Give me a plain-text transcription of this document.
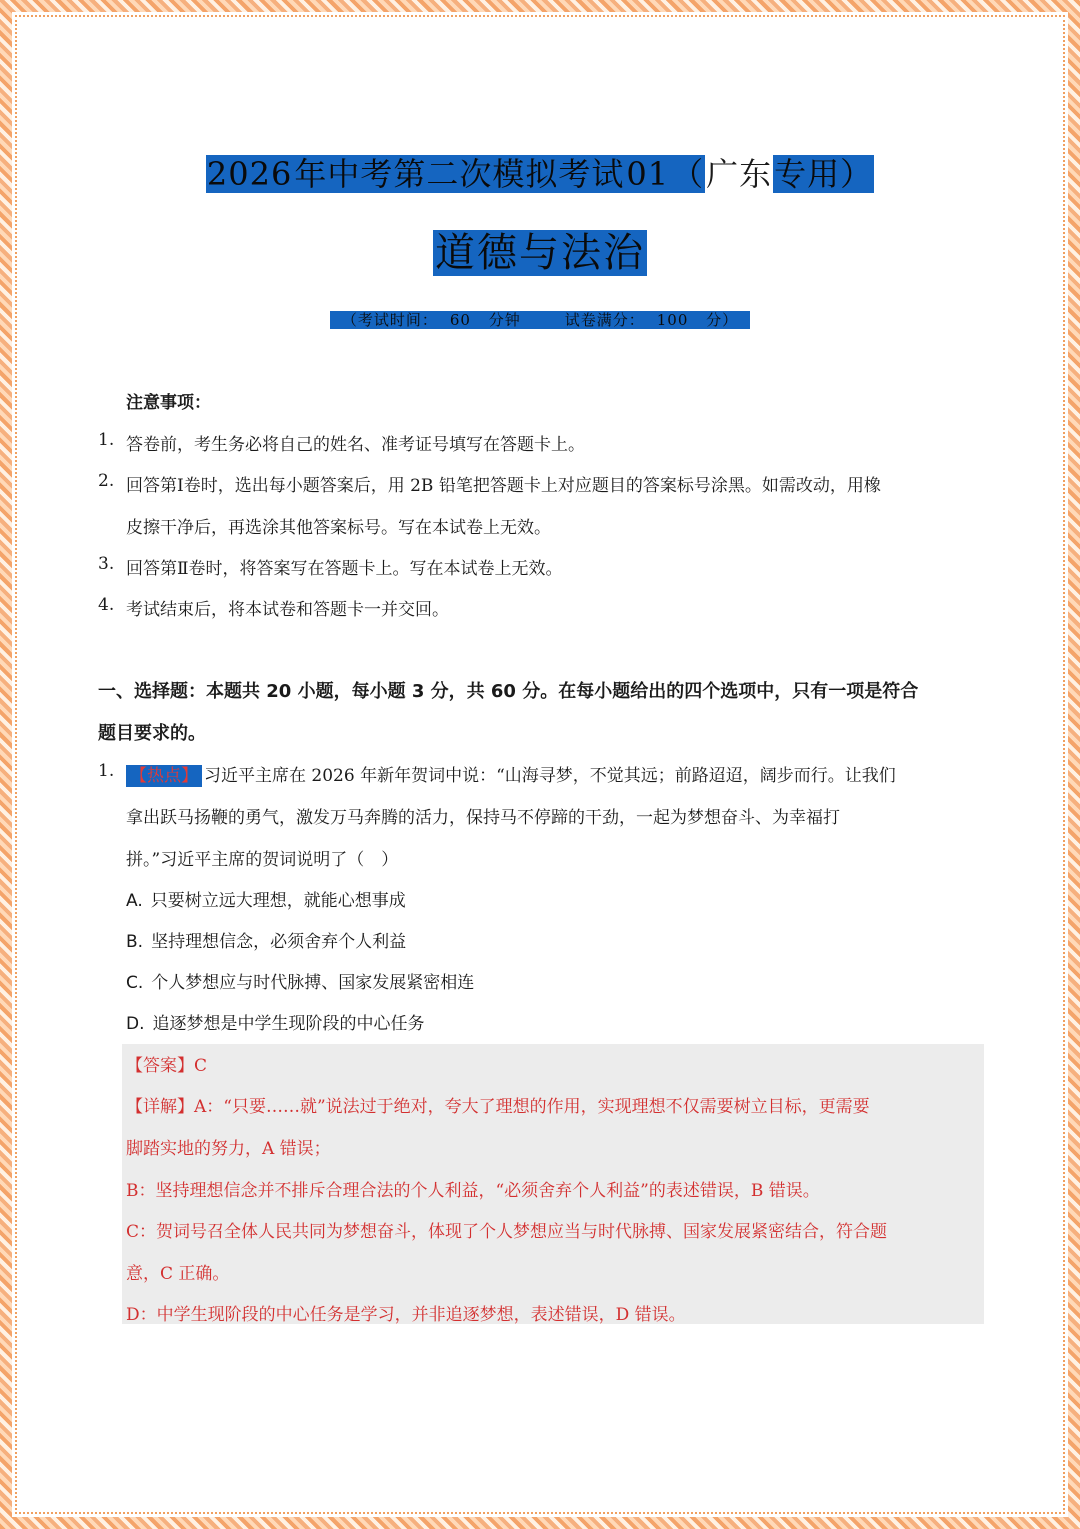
2026年中考第二次模拟考试01（广东专用）
道德与法治
（考试时间： 60 分钟　　	试卷满分： 100 分）
注意事项：
1. 答卷前，考生务必将自己的姓名、准考证号填写在答题卡上。
2. 回答第Ⅰ卷时，选出每小题答案后，用 2B 铅笔把答题卡上对应题目的答案标号涂黑。如需改动，用橡
皮擦干净后，再选涂其他答案标号。写在本试卷上无效。
3. 回答第Ⅱ卷时，将答案写在答题卡上。写在本试卷上无效。
4. 考试结束后，将本试卷和答题卡一并交回。
一、选择题：本题共 20 小题，每小题 3 分，共 60 分。在每小题给出的四个选项中，只有一项是符合
题目要求的。
1. 【热点】 习近平主席在 2026 年新年贺词中说：“山海寻梦，不觉其远；前路迢迢，阔步而行。让我们
拿出跃马扬鞭的勇气，激发万马奔腾的活力，保持马不停蹄的干劲，一起为梦想奋斗、为幸福打
拼。”习近平主席的贺词说明了（　）
A. 只要树立远大理想，就能心想事成
B. 坚持理想信念，必须舍弃个人利益
C. 个人梦想应与时代脉搏、国家发展紧密相连
D. 追逐梦想是中学生现阶段的中心任务
【答案】C
【详解】A：“只要……就”说法过于绝对，夸大了理想的作用，实现理想不仅需要树立目标，更需要
脚踏实地的努力，A 错误；
B：坚持理想信念并不排斥合理合法的个人利益，“必须舍弃个人利益”的表述错误，B 错误。
C：贺词号召全体人民共同为梦想奋斗，体现了个人梦想应当与时代脉搏、国家发展紧密结合，符合题
意，C 正确。
D：中学生现阶段的中心任务是学习，并非追逐梦想，表述错误，D 错误。
